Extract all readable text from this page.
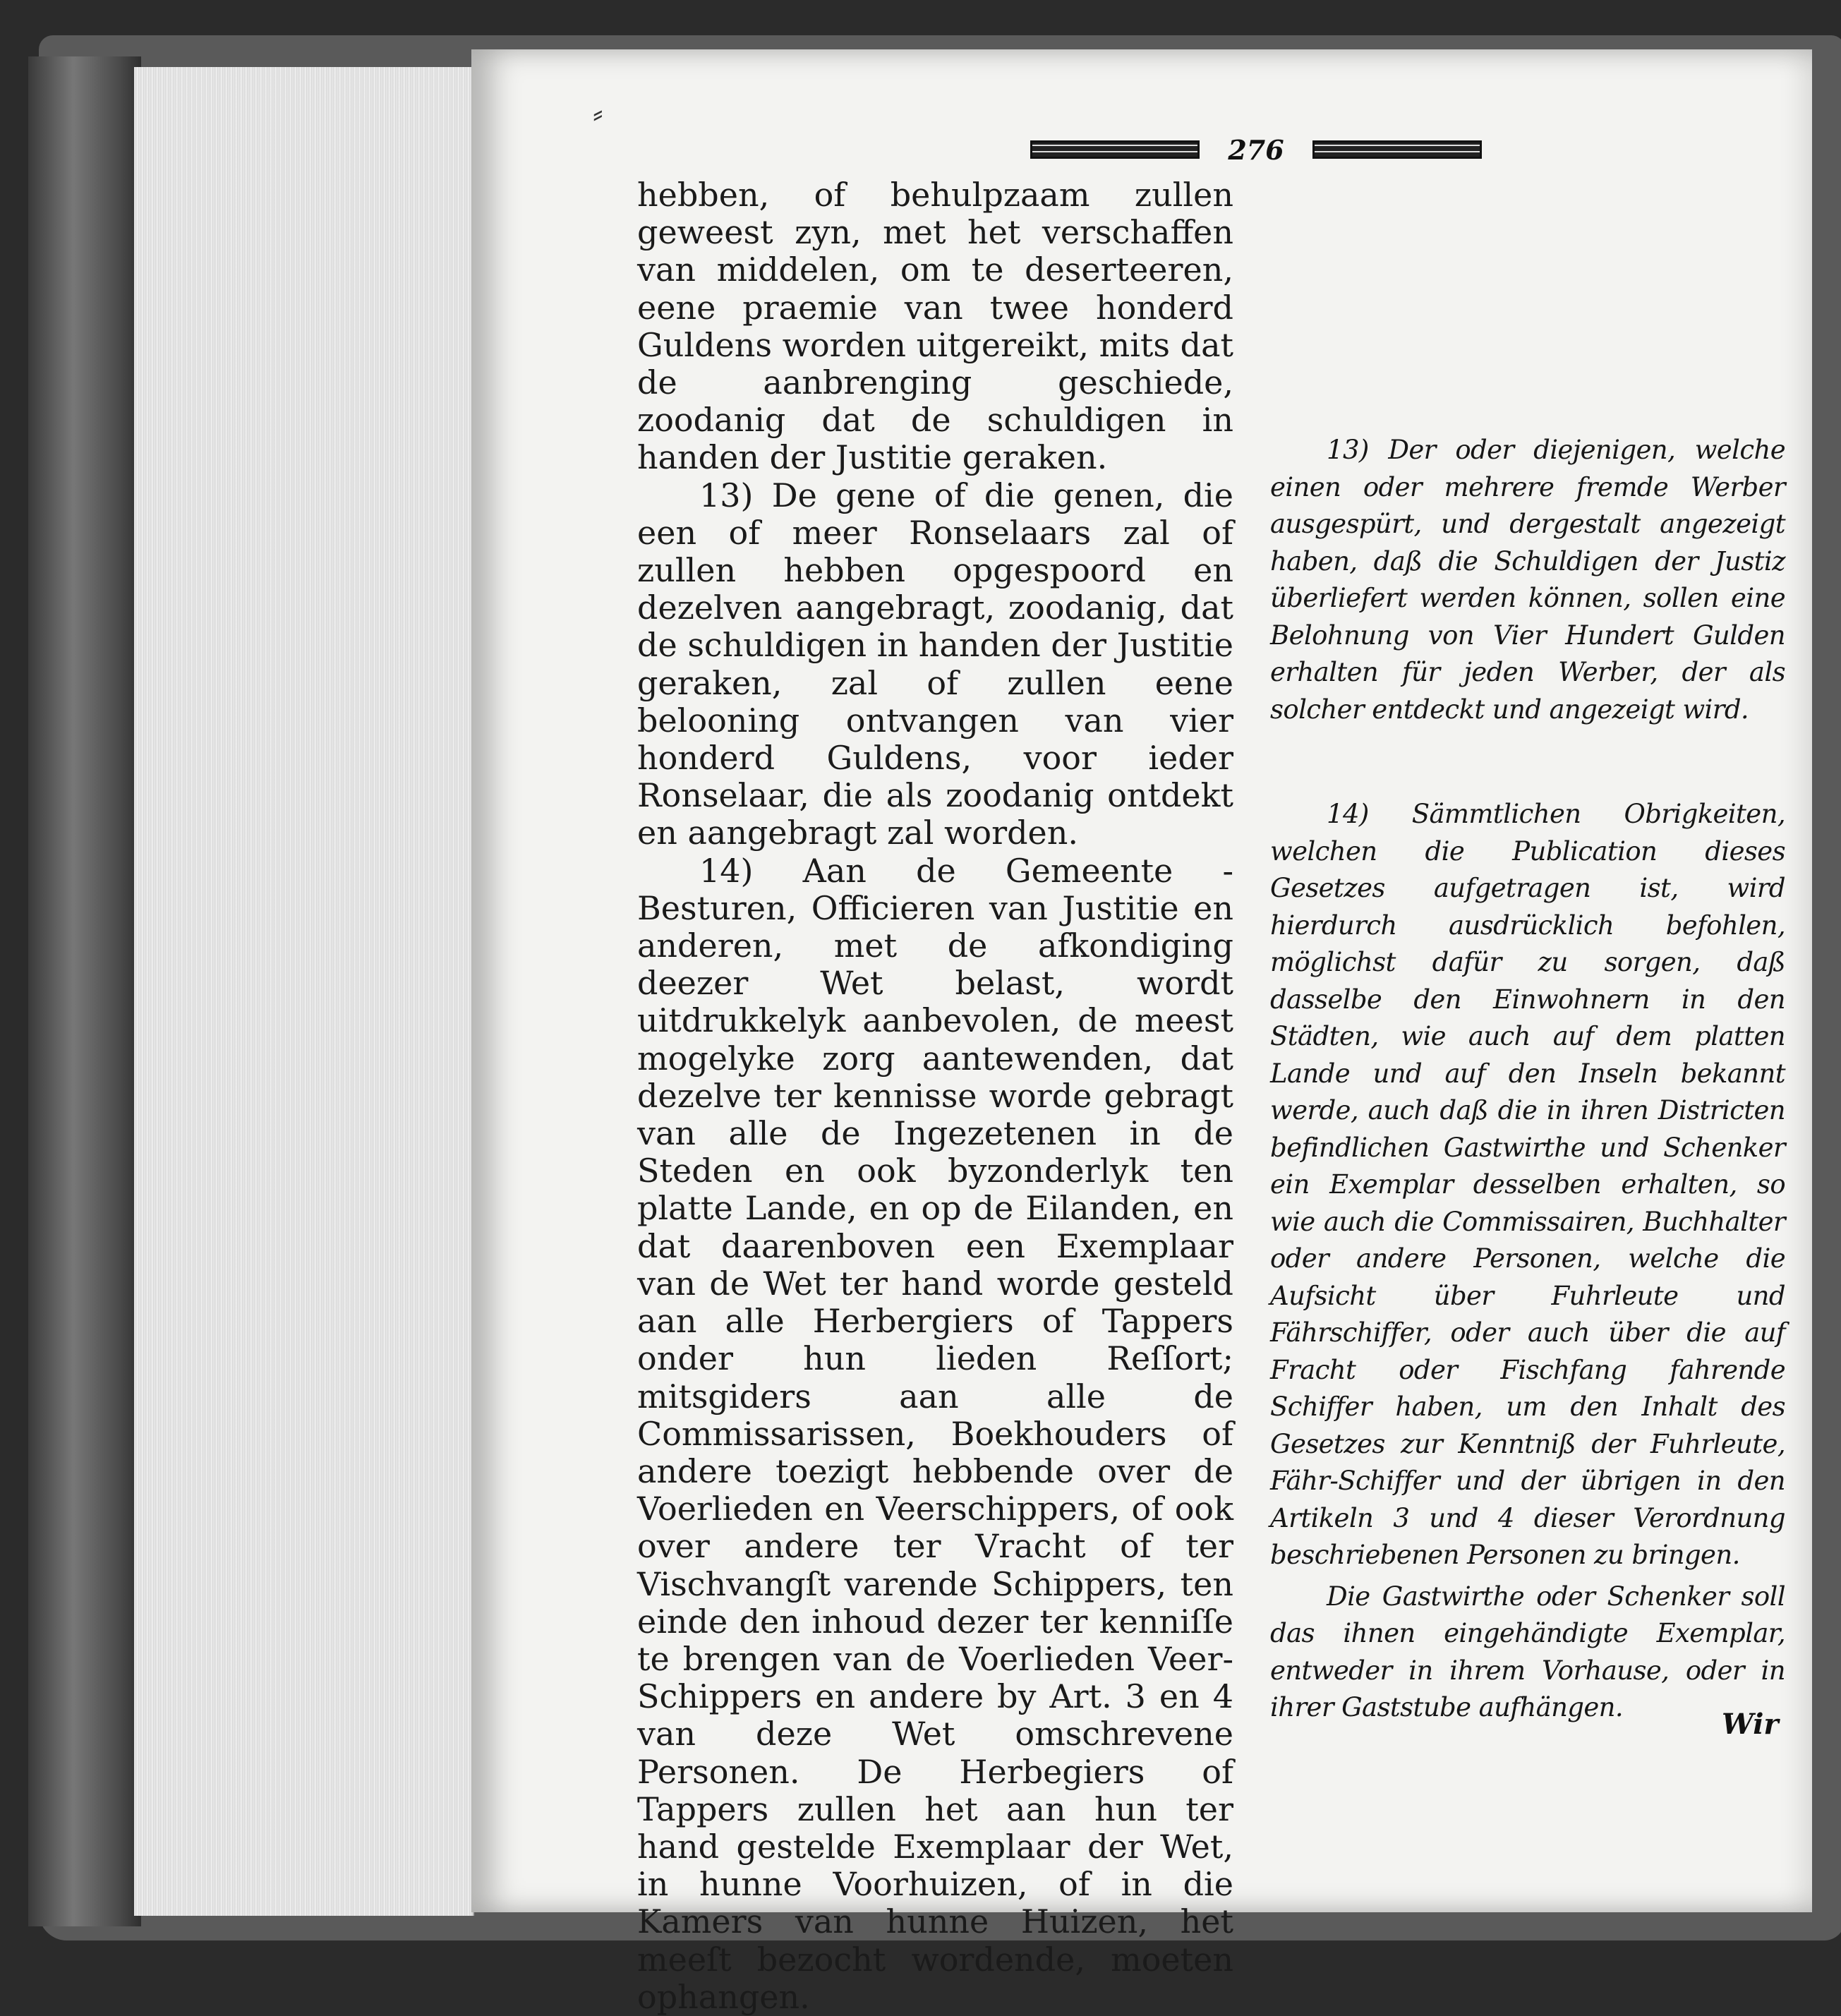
⸗
276

hebben, of behulpzaam zullen geweest zyn, met het verschaffen van middelen, om te deserteeren, eene praemie van twee honderd Guldens worden uitgereikt, mits dat de aanbrenging geschiede, zoodanig dat de schuldigen in handen der Justitie geraken.

13) De gene of die genen, die een of meer Ronselaars zal of zullen hebben opgespoord en dezelven aangebragt, zoodanig, dat de schuldigen in handen der Justitie geraken, zal of zullen eene belooning ontvangen van vier honderd Guldens, voor ieder Ronselaar, die als zoodanig ontdekt en aangebragt zal worden.

14) Aan de Gemeente - Besturen, Officieren van Justitie en anderen, met de afkondiging deezer Wet belast, wordt uitdrukkelyk aanbevolen, de meest mogelyke zorg aantewenden, dat dezelve ter kennisse worde gebragt van alle de Ingezetenen in de Steden en ook byzonderlyk ten platte Lande, en op de Eilanden, en dat daarenboven een Exemplaar van de Wet ter hand worde gesteld aan alle Herbergiers of Tappers onder hun lieden Reſſort; mitsgiders aan alle de Commissarissen, Boekhouders of andere toezigt hebbende over de Voerlieden en Veerschippers, of ook over andere ter Vracht of ter Vischvangſt varende Schippers, ten einde den inhoud dezer ter kenniſſe te brengen van de Voerlieden Veer-Schippers en andere by Art. 3 en 4 van deze Wet omschrevene Personen. De Herbegiers of Tappers zullen het aan hun ter hand gestelde Exemplaar der Wet, in hunne Voorhuizen, of in die Kamers van hunne Huizen, het meeſt bezocht wordende, moeten ophangen.

13) Der oder diejenigen, welche einen oder mehrere fremde Werber ausgespürt, und dergestalt angezeigt haben, daß die Schuldigen der Justiz überliefert werden können, sollen eine Belohnung von Vier Hundert Gulden erhalten für jeden Werber, der als solcher entdeckt und angezeigt wird.

14) Sämmtlichen Obrigkeiten, welchen die Publication dieses Gesetzes aufgetragen ist, wird hierdurch ausdrücklich befohlen, möglichst dafür zu sorgen, daß dasselbe den Einwohnern in den Städten, wie auch auf dem platten Lande und auf den Inseln bekannt werde, auch daß die in ihren Districten befindlichen Gastwirthe und Schenker ein Exemplar desselben erhalten, so wie auch die Commissairen, Buchhalter oder andere Personen, welche die Aufsicht über Fuhrleute und Fährschiffer, oder auch über die auf Fracht oder Fischfang fahrende Schiffer haben, um den Inhalt des Gesetzes zur Kenntniß der Fuhrleute, Fähr-Schiffer und der übrigen in den Artikeln 3 und 4 dieser Verordnung beschriebenen Personen zu bringen.

Die Gastwirthe oder Schenker soll das ihnen eingehändigte Exemplar, entweder in ihrem Vorhause, oder in ihrer Gaststube aufhängen.

Wir
